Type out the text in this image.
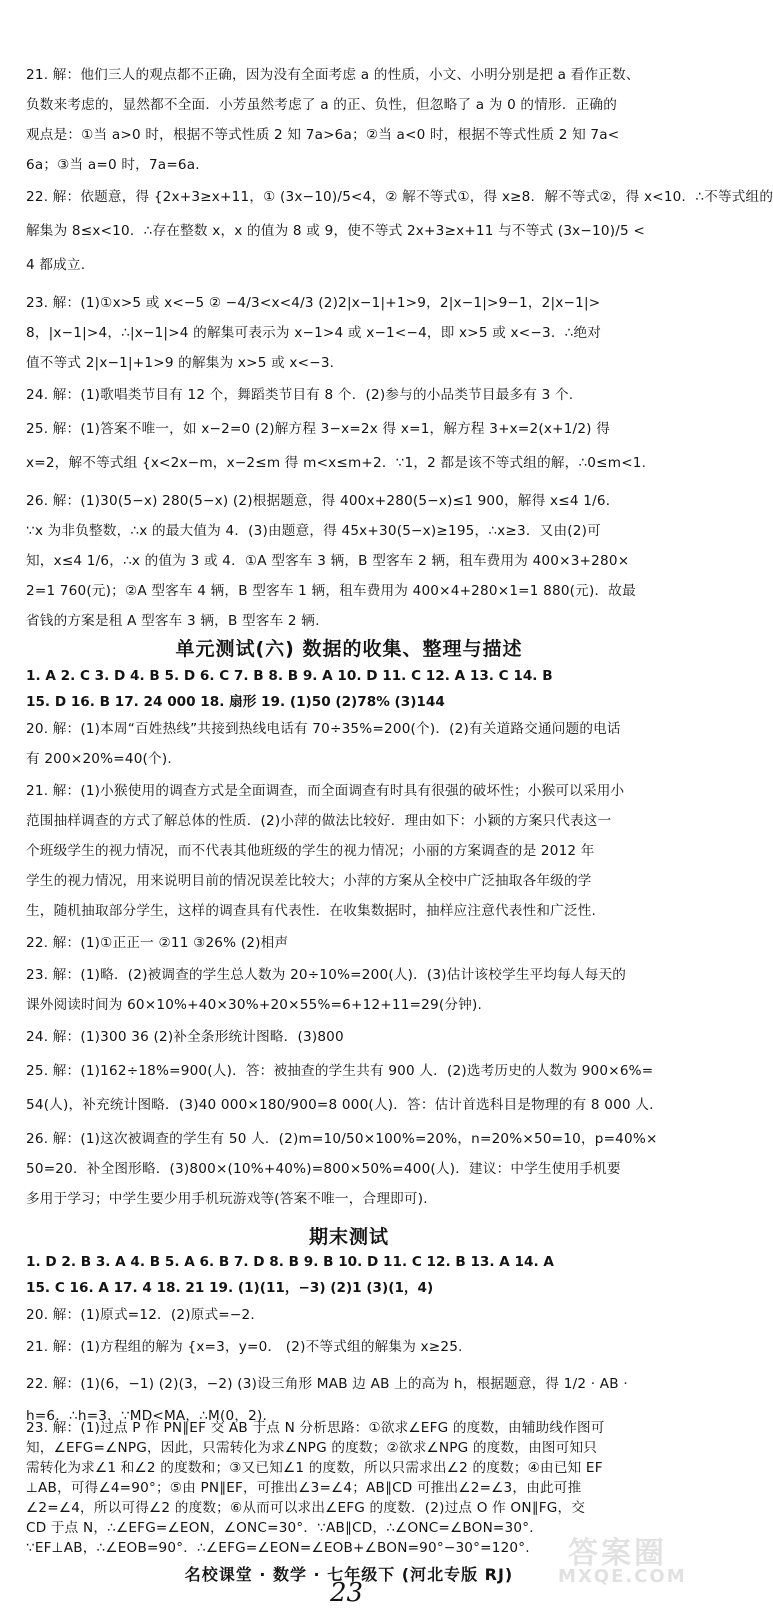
21. 解：他们三人的观点都不正确，因为没有全面考虑 a 的性质，小文、小明分别是把 a 看作正数、
负数来考虑的，显然都不全面．小芳虽然考虑了 a 的正、负性，但忽略了 a 为 0 的情形．正确的
观点是：①当 a>0 时，根据不等式性质 2 知 7a>6a；②当 a<0 时，根据不等式性质 2 知 7a<
6a；③当 a=0 时，7a=6a.
22. 解：依题意，得 {2x+3≥x+11，① (3x−10)/5<4，② 解不等式①，得 x≥8．解不等式②，得 x<10．∴不等式组的
解集为 8≤x<10．∴存在整数 x，x 的值为 8 或 9，使不等式 2x+3≥x+11 与不等式 (3x−10)/5 <
4 都成立.
23. 解：(1)①x>5 或 x<−5 ② −4/3<x<4/3 (2)2|x−1|+1>9，2|x−1|>9−1，2|x−1|>
8，|x−1|>4，∴|x−1|>4 的解集可表示为 x−1>4 或 x−1<−4，即 x>5 或 x<−3．∴绝对
值不等式 2|x−1|+1>9 的解集为 x>5 或 x<−3.
24. 解：(1)歌唱类节目有 12 个，舞蹈类节目有 8 个．(2)参与的小品类节目最多有 3 个.
25. 解：(1)答案不唯一，如 x−2=0 (2)解方程 3−x=2x 得 x=1，解方程 3+x=2(x+1/2) 得
x=2，解不等式组 {x<2x−m，x−2≤m 得 m<x≤m+2．∵1，2 都是该不等式组的解，∴0≤m<1.
26. 解：(1)30(5−x) 280(5−x) (2)根据题意，得 400x+280(5−x)≤1 900，解得 x≤4 1/6．
∵x 为非负整数，∴x 的最大值为 4．(3)由题意，得 45x+30(5−x)≥195，∴x≥3．又由(2)可
知，x≤4 1/6，∴x 的值为 3 或 4．①A 型客车 3 辆，B 型客车 2 辆，租车费用为 400×3+280×
2=1 760(元)；②A 型客车 4 辆，B 型客车 1 辆，租车费用为 400×4+280×1=1 880(元)．故最
省钱的方案是租 A 型客车 3 辆，B 型客车 2 辆.
单元测试(六) 数据的收集、整理与描述
1. A 2. C 3. D 4. B 5. D 6. C 7. B 8. B 9. A 10. D 11. C 12. A 13. C 14. B
15. D 16. B 17. 24 000 18. 扇形 19. (1)50 (2)78% (3)144
20. 解：(1)本周“百姓热线”共接到热线电话有 70÷35%=200(个)．(2)有关道路交通问题的电话
有 200×20%=40(个).
21. 解：(1)小猴使用的调查方式是全面调查，而全面调查有时具有很强的破坏性；小猴可以采用小
范围抽样调查的方式了解总体的性质．(2)小萍的做法比较好．理由如下：小颖的方案只代表这一
个班级学生的视力情况，而不代表其他班级的学生的视力情况；小丽的方案调查的是 2012 年
学生的视力情况，用来说明目前的情况误差比较大；小萍的方案从全校中广泛抽取各年级的学
生，随机抽取部分学生，这样的调查具有代表性．在收集数据时，抽样应注意代表性和广泛性.
22. 解：(1)①正正一 ②11 ③26% (2)相声
23. 解：(1)略．(2)被调查的学生总人数为 20÷10%=200(人)．(3)估计该校学生平均每人每天的
课外阅读时间为 60×10%+40×30%+20×55%=6+12+11=29(分钟).
24. 解：(1)300 36 (2)补全条形统计图略．(3)800
25. 解：(1)162÷18%=900(人)．答：被抽查的学生共有 900 人．(2)选考历史的人数为 900×6%=
54(人)，补充统计图略．(3)40 000×180/900=8 000(人)．答：估计首选科目是物理的有 8 000 人.
26. 解：(1)这次被调查的学生有 50 人．(2)m=10/50×100%=20%，n=20%×50=10，p=40%×
50=20．补全图形略．(3)800×(10%+40%)=800×50%=400(人)．建议：中学生使用手机要
多用于学习；中学生要少用手机玩游戏等(答案不唯一，合理即可).
期末测试
1. D 2. B 3. A 4. B 5. A 6. B 7. D 8. B 9. B 10. D 11. C 12. B 13. A 14. A
15. C 16. A 17. 4 18. 21 19. (1)(11，−3) (2)1 (3)(1，4)
20. 解：(1)原式=12．(2)原式=−2.
21. 解：(1)方程组的解为 {x=3，y=0． (2)不等式组的解集为 x≥25.
22. 解：(1)(6，−1) (2)(3，−2) (3)设三角形 MAB 边 AB 上的高为 h，根据题意，得 1/2 · AB ·
h=6．∴h=3．∵MD<MA，∴M(0，2).
23. 解：(1)过点 P 作 PN∥EF 交 AB 于点 N 分析思路：①欲求∠EFG 的度数，由辅助线作图可
知，∠EFG=∠NPG，因此，只需转化为求∠NPG 的度数；②欲求∠NPG 的度数，由图可知只
需转化为求∠1 和∠2 的度数和；③又已知∠1 的度数，所以只需求出∠2 的度数；④由已知 EF
⊥AB，可得∠4=90°；⑤由 PN∥EF，可推出∠3=∠4；AB∥CD 可推出∠2=∠3，由此可推
∠2=∠4，所以可得∠2 的度数；⑥从而可以求出∠EFG 的度数．(2)过点 O 作 ON∥FG，交
CD 于点 N，∴∠EFG=∠EON，∠ONC=30°．∵AB∥CD，∴∠ONC=∠BON=30°．
∵EF⊥AB，∴∠EOB=90°．∴∠EFG=∠EON=∠EOB+∠BON=90°−30°=120°.
名校课堂 · 数学 · 七年级下 (河北专版 RJ)
23
答案圈
MXQE.COM
